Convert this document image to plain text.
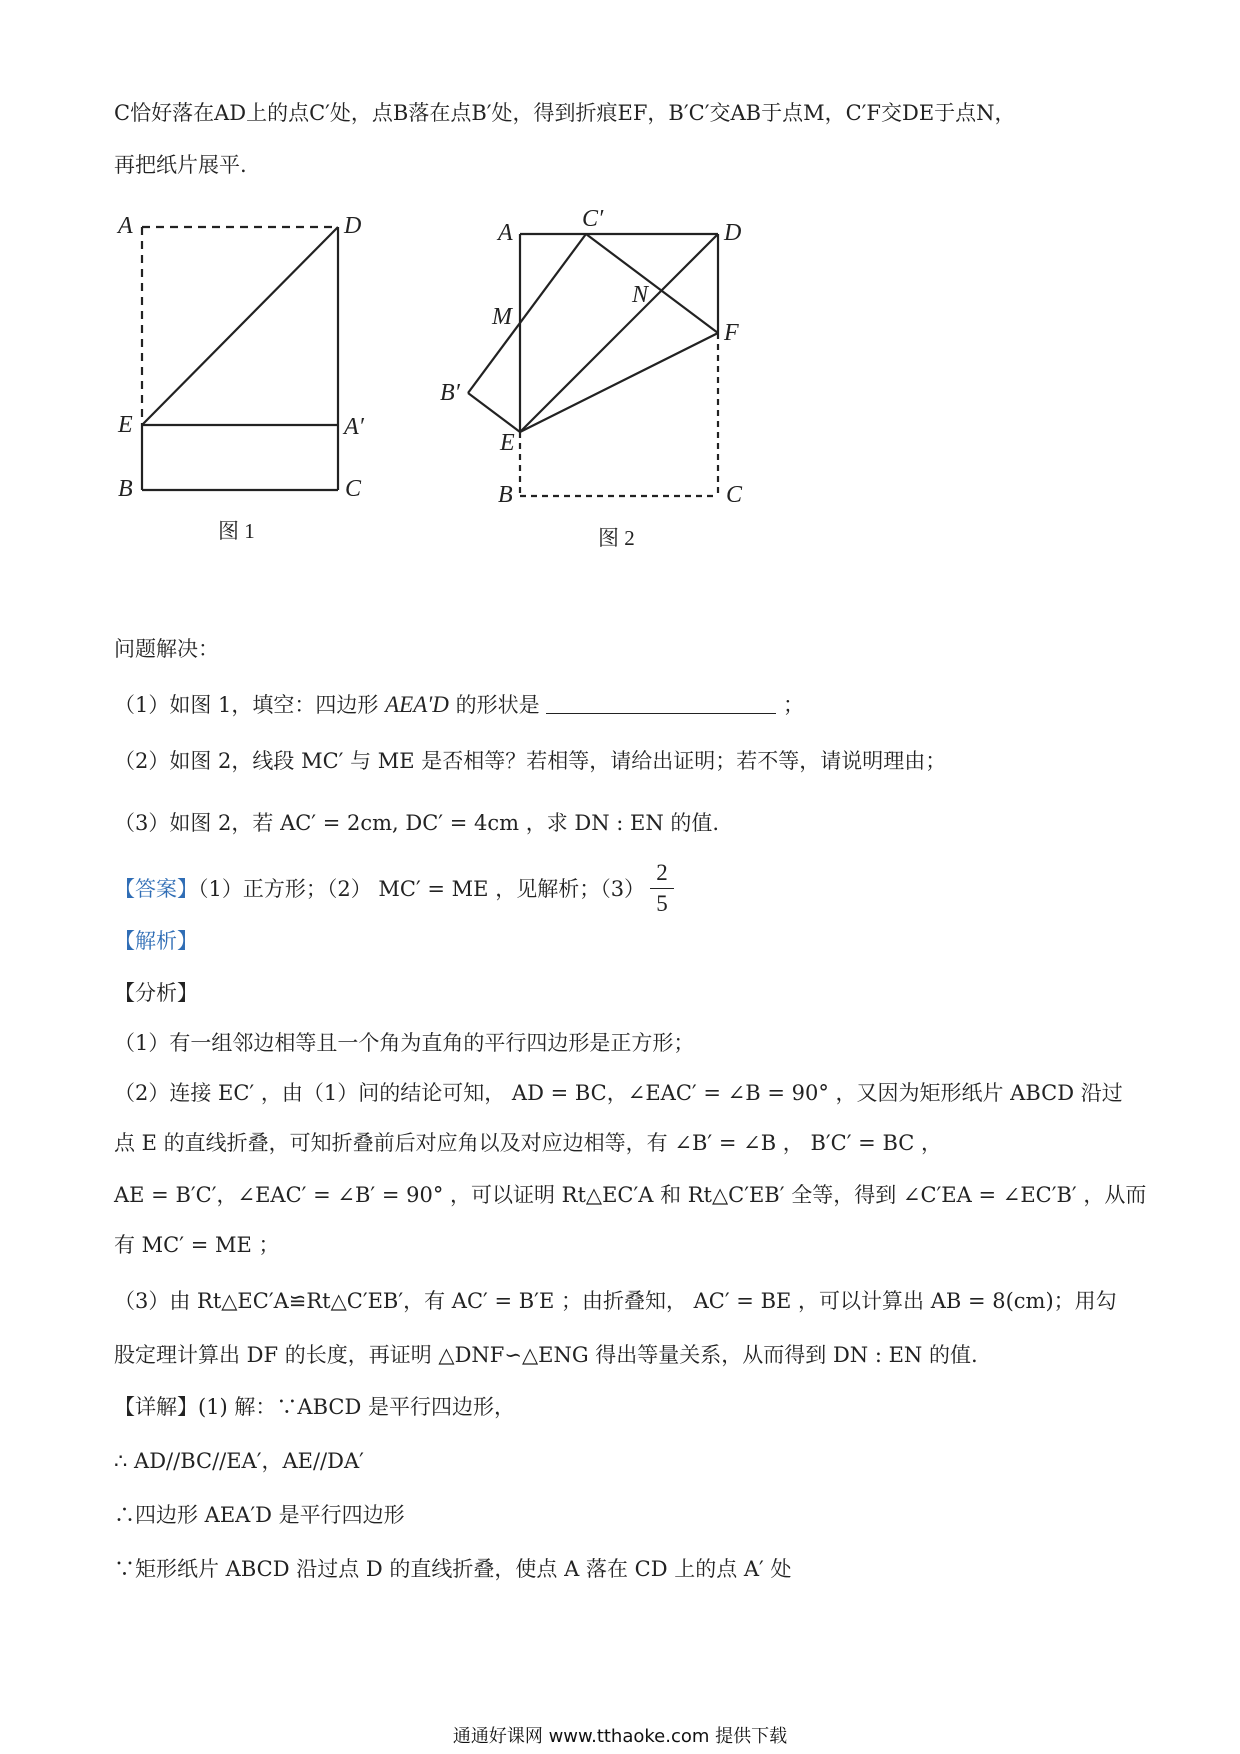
C恰好落在AD上的点C′处，点B落在点B′处，得到折痕EF，B′C′交AB于点M，C′F交DE于点N，
再把纸片展平.
A	D
E	A′
B	C
图 1
A
C′
D
M
N
F
B′
E
B	C
图 2
问题解决：
（1）如图 1，填空：四边形 AEA′D 的形状是	；
（2）如图 2，线段 MC′ 与 ME 是否相等？若相等，请给出证明；若不等，请说明理由；
（3）如图 2，若 AC′ = 2cm, DC′ = 4cm ，求 DN : EN 的值.
【答案】（1）正方形；（2） MC′ = ME ，见解析；（3）
2
5
【解析】
【分析】
（1）有一组邻边相等且一个角为直角的平行四边形是正方形；
（2）连接 EC′ ，由（1）问的结论可知， AD = BC，∠EAC′ = ∠B = 90° ，又因为矩形纸片 ABCD 沿过
点 E 的直线折叠，可知折叠前后对应角以及对应边相等，有 ∠B′ = ∠B ， B′C′ = BC ，
AE = B′C′，∠EAC′ = ∠B′ = 90° ，可以证明 Rt△EC′A 和 Rt△C′EB′ 全等，得到 ∠C′EA = ∠EC′B′ ，从而
有 MC′ = ME ；
（3）由 Rt△EC′A≌Rt△C′EB′，有 AC′ = B′E ；由折叠知， AC′ = BE ，可以计算出 AB = 8(cm)；用勾
股定理计算出 DF 的长度，再证明 △DNF∽△ENG 得出等量关系，从而得到 DN : EN 的值.
【详解】(1) 解：∵ABCD 是平行四边形，
∴ AD//BC//EA′，AE//DA′
∴四边形 AEA′D 是平行四边形
∵矩形纸片 ABCD 沿过点 D 的直线折叠，使点 A 落在 CD 上的点 A′ 处
通通好课网 www.tthaoke.com 提供下载
